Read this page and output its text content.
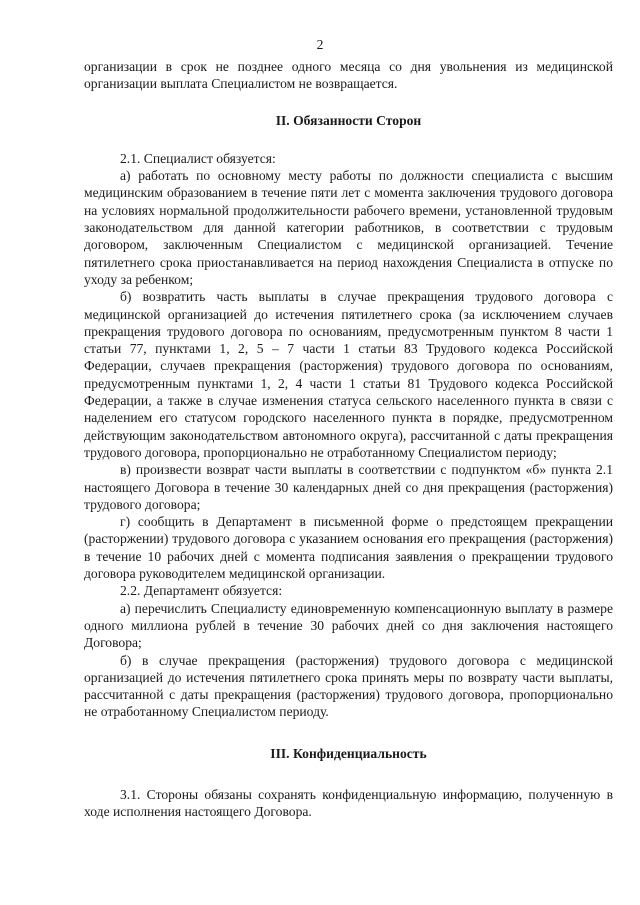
2

организации в срок не позднее одного месяца со дня увольнения из медицинской организации выплата Специалистом не возвращается.

II. Обязанности Сторон

2.1. Специалист обязуется:

а) работать по основному месту работы по должности специалиста с высшим медицинским образованием в течение пяти лет с момента заключения трудового договора на условиях нормальной продолжительности рабочего времени, установленной трудовым законодательством для данной категории работников, в соответствии с трудовым договором, заключенным Специалистом с медицинской организацией. Течение пятилетнего срока приостанавливается на период нахождения Специалиста в отпуске по уходу за ребенком;

б) возвратить часть выплаты в случае прекращения трудового договора с медицинской организацией до истечения пятилетнего срока (за исключением случаев прекращения трудового договора по основаниям, предусмотренным пунктом 8 части 1 статьи 77, пунктами 1, 2, 5 – 7 части 1 статьи 83 Трудового кодекса Российской Федерации, случаев прекращения (расторжения) трудового договора по основаниям, предусмотренным пунктами 1, 2, 4 части 1 статьи 81 Трудового кодекса Российской Федерации, а также в случае изменения статуса сельского населенного пункта в связи с наделением его статусом городского населенного пункта в порядке, предусмотренном действующим законодательством автономного округа), рассчитанной с даты прекращения трудового договора, пропорционально не отработанному Специалистом периоду;

в) произвести возврат части выплаты в соответствии с подпунктом «б» пункта 2.1 настоящего Договора в течение 30 календарных дней со дня прекращения (расторжения) трудового договора;

г) сообщить в Департамент в письменной форме о предстоящем прекращении (расторжении) трудового договора с указанием основания его прекращения (расторжения) в течение 10 рабочих дней с момента подписания заявления о прекращении трудового договора руководителем медицинской организации.

2.2. Департамент обязуется:

а) перечислить Специалисту единовременную компенсационную выплату в размере одного миллиона рублей в течение 30 рабочих дней со дня заключения настоящего Договора;

б) в случае прекращения (расторжения) трудового договора с медицинской организацией до истечения пятилетнего срока принять меры по возврату части выплаты, рассчитанной с даты прекращения (расторжения) трудового договора, пропорционально не отработанному Специалистом периоду.

III. Конфиденциальность

3.1. Стороны обязаны сохранять конфиденциальную информацию, полученную в ходе исполнения настоящего Договора.
